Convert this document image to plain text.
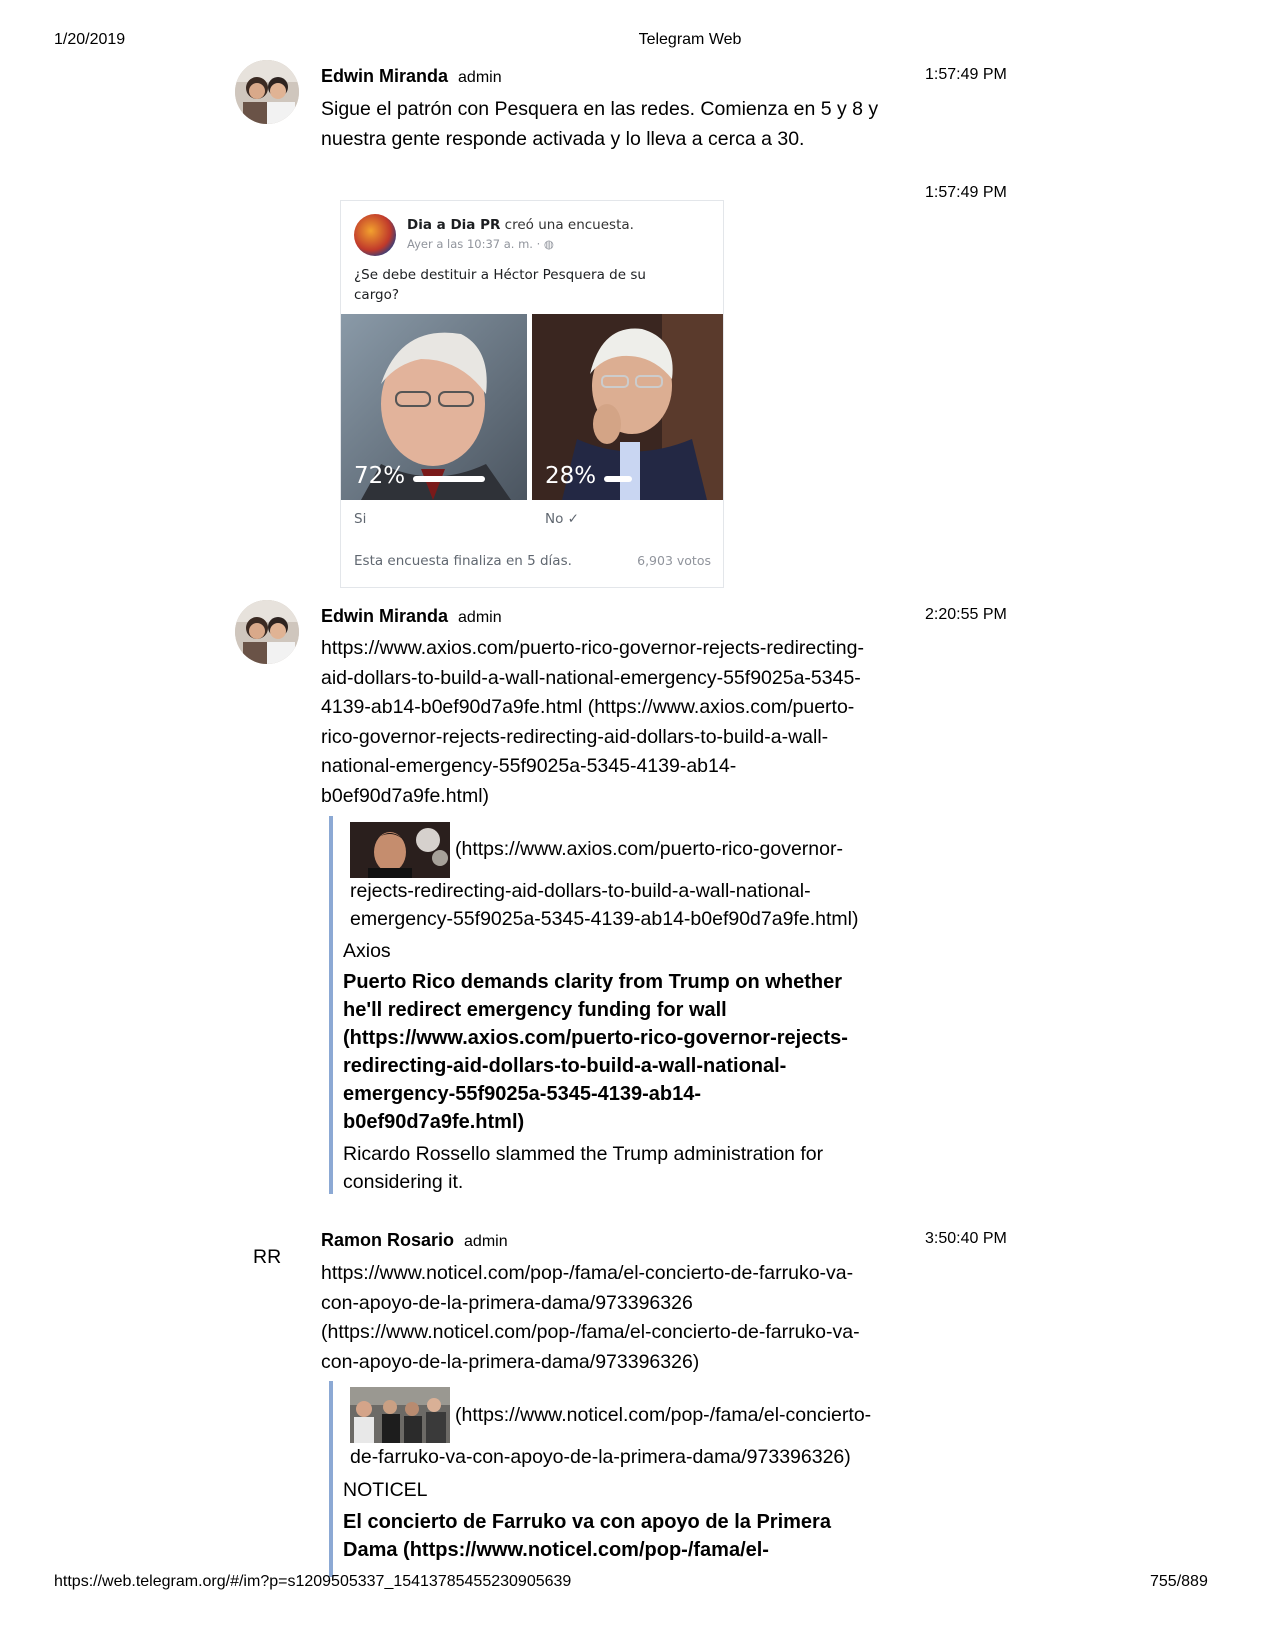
1/20/2019	Telegram Web
Edwin Miranda admin	1:57:49 PM
Sigue el patrón con Pesquera en las redes. Comienza en 5 y 8 y
nuestra gente responde activada y lo lleva a cerca a 30.
1:57:49 PM
Dia a Dia PR creó una encuesta.
Ayer a las 10:37 a. m. · ◍
¿Se debe destituir a Héctor Pesquera de su cargo?
72%	28%
Si	No ✓
Esta encuesta finaliza en 5 días.	6,903 votos
Edwin Miranda admin	2:20:55 PM
https://www.axios.com/puerto-rico-governor-rejects-redirecting-
aid-dollars-to-build-a-wall-national-emergency-55f9025a-5345-
4139-ab14-b0ef90d7a9fe.html (https://www.axios.com/puerto-
rico-governor-rejects-redirecting-aid-dollars-to-build-a-wall-
national-emergency-55f9025a-5345-4139-ab14-
b0ef90d7a9fe.html)
(https://www.axios.com/puerto-rico-governor-
rejects-redirecting-aid-dollars-to-build-a-wall-national-
emergency-55f9025a-5345-4139-ab14-b0ef90d7a9fe.html)
Axios
Puerto Rico demands clarity from Trump on whether
he'll redirect emergency funding for wall
(https://www.axios.com/puerto-rico-governor-rejects-
redirecting-aid-dollars-to-build-a-wall-national-
emergency-55f9025a-5345-4139-ab14-
b0ef90d7a9fe.html)
Ricardo Rossello slammed the Trump administration for
considering it.
RR
Ramon Rosario admin	3:50:40 PM
https://www.noticel.com/pop-/fama/el-concierto-de-farruko-va-
con-apoyo-de-la-primera-dama/973396326
(https://www.noticel.com/pop-/fama/el-concierto-de-farruko-va-
con-apoyo-de-la-primera-dama/973396326)
(https://www.noticel.com/pop-/fama/el-concierto-
de-farruko-va-con-apoyo-de-la-primera-dama/973396326)
NOTICEL
El concierto de Farruko va con apoyo de la Primera
Dama (https://www.noticel.com/pop-/fama/el-
https://web.telegram.org/#/im?p=s1209505337_15413785455230905639	755/889
